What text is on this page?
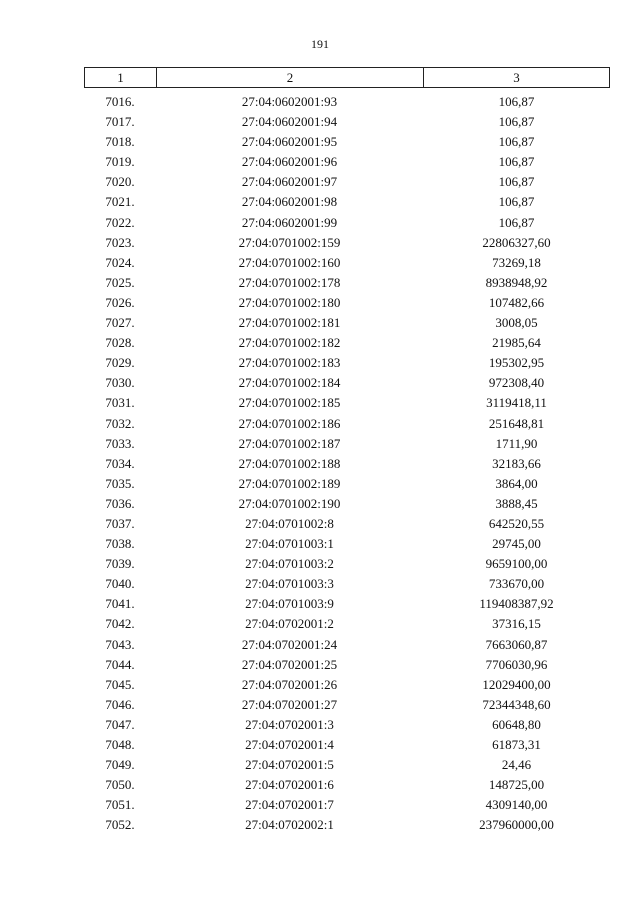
191
1	2	3
7016.	27:04:0602001:93	106,87
7017.	27:04:0602001:94	106,87
7018.	27:04:0602001:95	106,87
7019.	27:04:0602001:96	106,87
7020.	27:04:0602001:97	106,87
7021.	27:04:0602001:98	106,87
7022.	27:04:0602001:99	106,87
7023.	27:04:0701002:159	22806327,60
7024.	27:04:0701002:160	73269,18
7025.	27:04:0701002:178	8938948,92
7026.	27:04:0701002:180	107482,66
7027.	27:04:0701002:181	3008,05
7028.	27:04:0701002:182	21985,64
7029.	27:04:0701002:183	195302,95
7030.	27:04:0701002:184	972308,40
7031.	27:04:0701002:185	3119418,11
7032.	27:04:0701002:186	251648,81
7033.	27:04:0701002:187	1711,90
7034.	27:04:0701002:188	32183,66
7035.	27:04:0701002:189	3864,00
7036.	27:04:0701002:190	3888,45
7037.	27:04:0701002:8	642520,55
7038.	27:04:0701003:1	29745,00
7039.	27:04:0701003:2	9659100,00
7040.	27:04:0701003:3	733670,00
7041.	27:04:0701003:9	119408387,92
7042.	27:04:0702001:2	37316,15
7043.	27:04:0702001:24	7663060,87
7044.	27:04:0702001:25	7706030,96
7045.	27:04:0702001:26	12029400,00
7046.	27:04:0702001:27	72344348,60
7047.	27:04:0702001:3	60648,80
7048.	27:04:0702001:4	61873,31
7049.	27:04:0702001:5	24,46
7050.	27:04:0702001:6	148725,00
7051.	27:04:0702001:7	4309140,00
7052.	27:04:0702002:1	237960000,00
